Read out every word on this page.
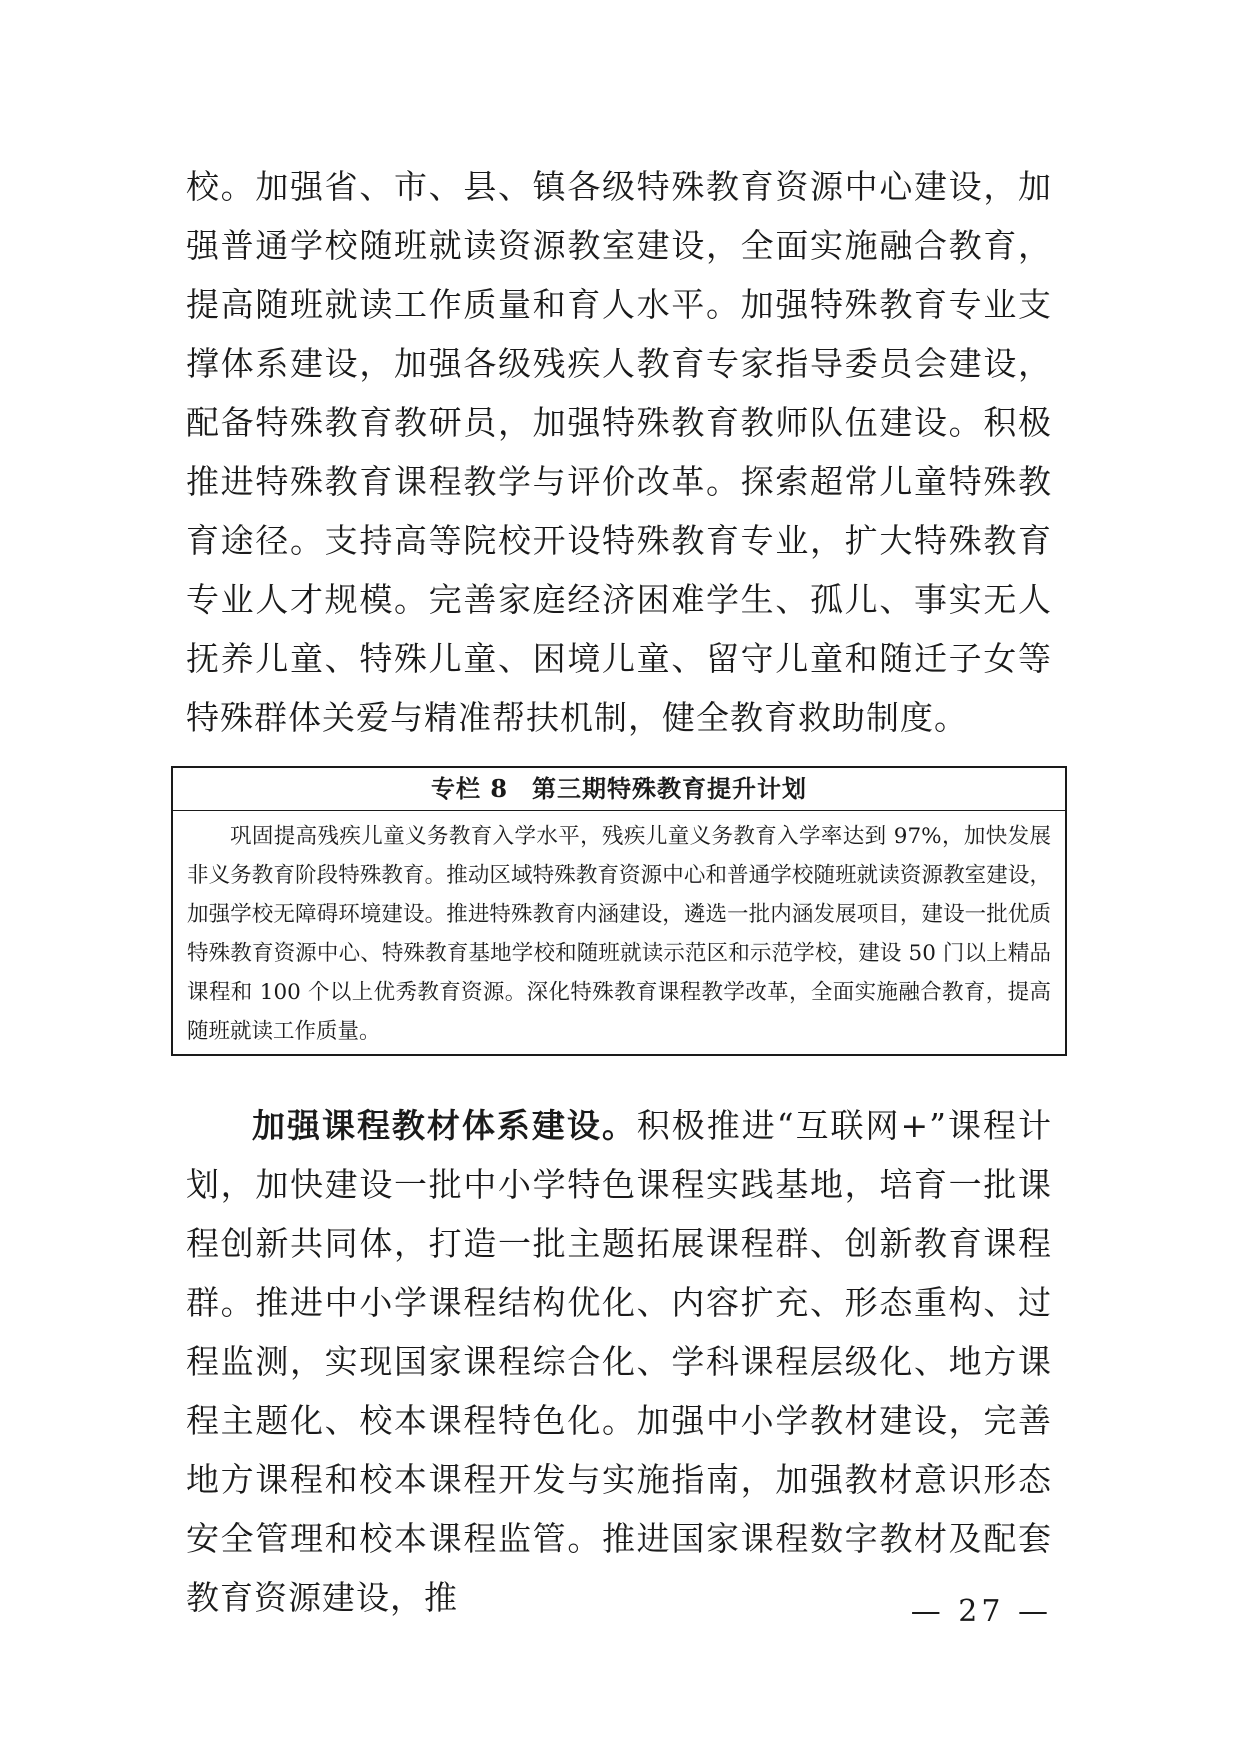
校。加强省、市、县、镇各级特殊教育资源中心建设，加强普通学校随班就读资源教室建设，全面实施融合教育，提高随班就读工作质量和育人水平。加强特殊教育专业支撑体系建设，加强各级残疾人教育专家指导委员会建设，配备特殊教育教研员，加强特殊教育教师队伍建设。积极推进特殊教育课程教学与评价改革。探索超常儿童特殊教育途径。支持高等院校开设特殊教育专业，扩大特殊教育专业人才规模。完善家庭经济困难学生、孤儿、事实无人抚养儿童、特殊儿童、困境儿童、留守儿童和随迁子女等特殊群体关爱与精准帮扶机制，健全教育救助制度。

专栏 8 第三期特殊教育提升计划

巩固提高残疾儿童义务教育入学水平，残疾儿童义务教育入学率达到 97%，加快发展非义务教育阶段特殊教育。推动区域特殊教育资源中心和普通学校随班就读资源教室建设，加强学校无障碍环境建设。推进特殊教育内涵建设，遴选一批内涵发展项目，建设一批优质特殊教育资源中心、特殊教育基地学校和随班就读示范区和示范学校，建设 50 门以上精品课程和 100 个以上优秀教育资源。深化特殊教育课程教学改革，全面实施融合教育，提高随班就读工作质量。

加强课程教材体系建设。积极推进“互联网+”课程计划，加快建设一批中小学特色课程实践基地，培育一批课程创新共同体，打造一批主题拓展课程群、创新教育课程群。推进中小学课程结构优化、内容扩充、形态重构、过程监测，实现国家课程综合化、学科课程层级化、地方课程主题化、校本课程特色化。加强中小学教材建设，完善地方课程和校本课程开发与实施指南，加强教材意识形态安全管理和校本课程监管。推进国家课程数字教材及配套教育资源建设，推	— 27 —
